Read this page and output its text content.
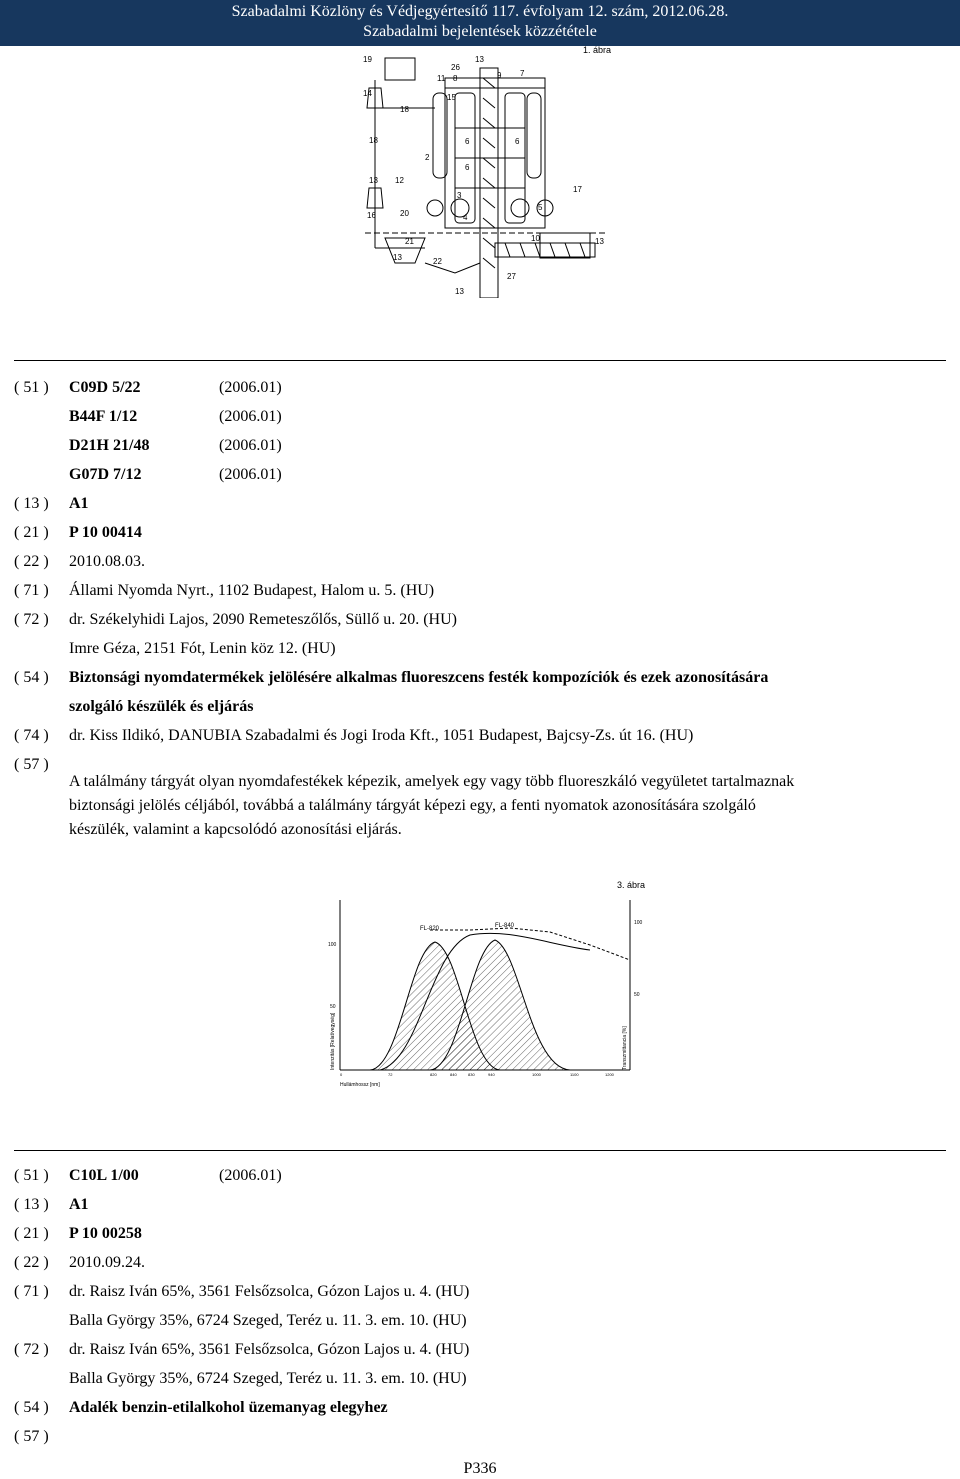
Szabadalmi Közlöny és Védjegyértesítő 117. évfolyam 12. szám, 2012.06.28.
Szabadalmi bejelentések közzététele
1. ábra
19
14
18
18
13 12
16	20
21
13	22
26
13
11 8	9 7
15
6	6
6
3
2
4
5
17
10	13
27
13
( 51 )	C09D 5/22	(2006.01)
B44F 1/12	(2006.01)
D21H 21/48	(2006.01)
G07D 7/12	(2006.01)
( 13 )	A1
( 21 )	P 10 00414
( 22 )	2010.08.03.
( 71 )	Állami Nyomda Nyrt., 1102 Budapest, Halom u. 5. (HU)
( 72 )	dr. Székelyhidi Lajos, 2090 Remeteszőlős, Süllő u. 20. (HU)
Imre Géza, 2151 Fót, Lenin köz 12. (HU)
( 54 )	Biztonsági nyomdatermékek jelölésére alkalmas fluoreszcens festék kompozíciók és ezek azonosítására
szolgáló készülék és eljárás
( 74 )	dr. Kiss Ildikó, DANUBIA Szabadalmi és Jogi Iroda Kft., 1051 Budapest, Bajcsy-Zs. út 16. (HU)
( 57 )
A találmány tárgyát olyan nyomdafestékek képezik, amelyek egy vagy több fluoreszkáló vegyületet tartalmaznak
biztonsági jelölés céljából, továbbá a találmány tárgyát képezi egy, a fenti nyomatok azonosítására szolgáló
készülék, valamint a kapcsolódó azonosítási eljárás.
3. ábra
FL-820	FL-840
100
50
100
50
0	72	820	840	830	940	1000	1100	1200
Hullámhossz [nm]
Intenzitás [Relatívegység]	Transzmittancia [%]
( 51 )	C10L 1/00	(2006.01)
( 13 )	A1
( 21 )	P 10 00258
( 22 )	2010.09.24.
( 71 )	dr. Raisz Iván 65%, 3561 Felsőzsolca, Gózon Lajos u. 4. (HU)
Balla György 35%, 6724 Szeged, Teréz u. 11. 3. em. 10. (HU)
( 72 )	dr. Raisz Iván 65%, 3561 Felsőzsolca, Gózon Lajos u. 4. (HU)
Balla György 35%, 6724 Szeged, Teréz u. 11. 3. em. 10. (HU)
( 54 )	Adalék benzin-etilalkohol üzemanyag elegyhez
( 57 )
P336
